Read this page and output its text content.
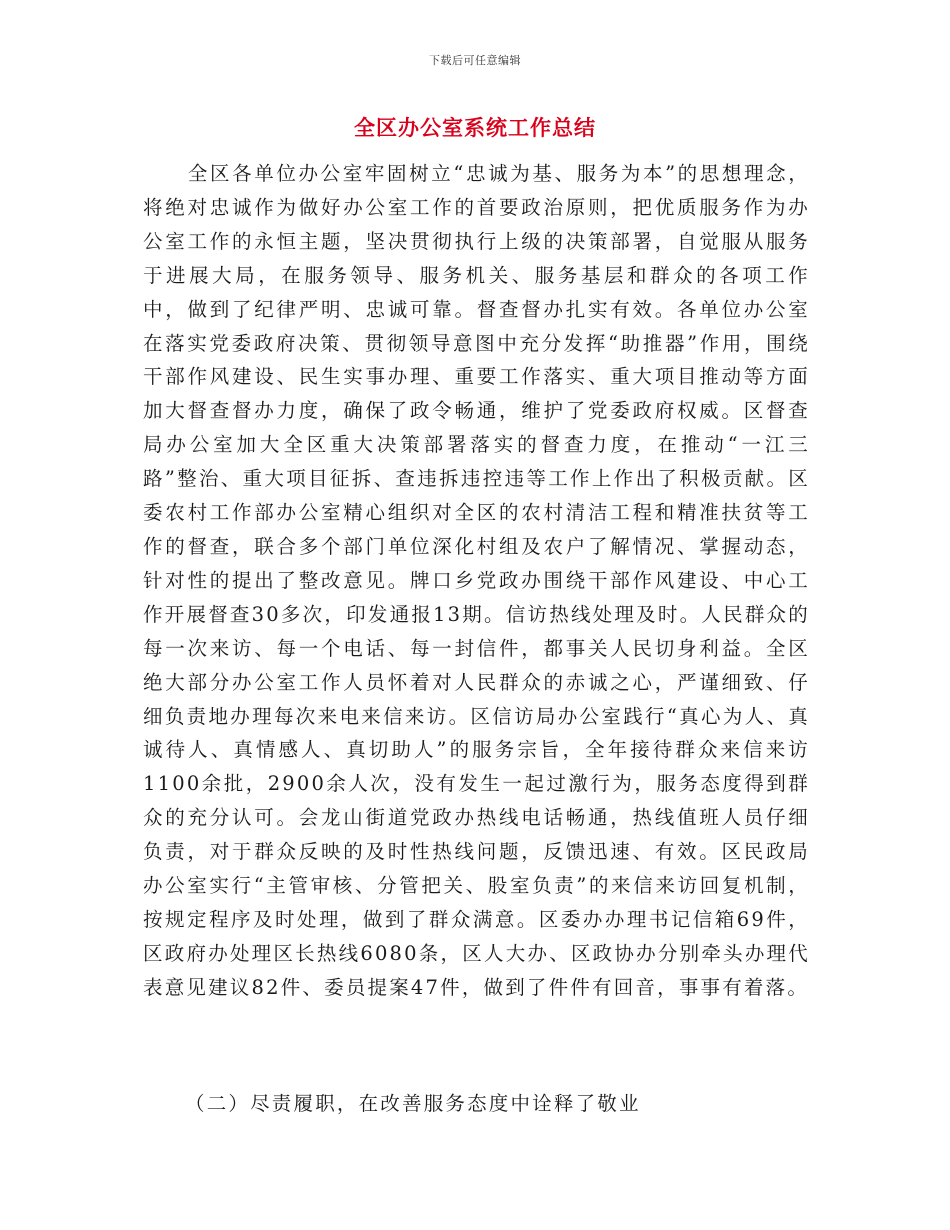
下载后可任意编辑
全区办公室系统工作总结

全区各单位办公室牢固树立“忠诚为基、服务为本”的思想理念，将绝对忠诚作为做好办公室工作的首要政治原则，把优质服务作为办公室工作的永恒主题，坚决贯彻执行上级的决策部署，自觉服从服务于进展大局，在服务领导、服务机关、服务基层和群众的各项工作中，做到了纪律严明、忠诚可靠。督查督办扎实有效。各单位办公室在落实党委政府决策、贯彻领导意图中充分发挥“助推器”作用，围绕干部作风建设、民生实事办理、重要工作落实、重大项目推动等方面加大督查督办力度，确保了政令畅通，维护了党委政府权威。区督查局办公室加大全区重大决策部署落实的督查力度，在推动“一江三路”整治、重大项目征拆、查违拆违控违等工作上作出了积极贡献。区委农村工作部办公室精心组织对全区的农村清洁工程和精准扶贫等工作的督查，联合多个部门单位深化村组及农户了解情况、掌握动态，针对性的提出了整改意见。牌口乡党政办围绕干部作风建设、中心工作开展督查30多次，印发通报13期。信访热线处理及时。人民群众的每一次来访、每一个电话、每一封信件，都事关人民切身利益。全区绝大部分办公室工作人员怀着对人民群众的赤诚之心，严谨细致、仔细负责地办理每次来电来信来访。区信访局办公室践行“真心为人、真诚待人、真情感人、真切助人”的服务宗旨，全年接待群众来信来访1100余批，2900余人次，没有发生一起过激行为，服务态度得到群众的充分认可。会龙山街道党政办热线电话畅通，热线值班人员仔细负责，对于群众反映的及时性热线问题，反馈迅速、有效。区民政局办公室实行“主管审核、分管把关、股室负责”的来信来访回复机制，按规定程序及时处理，做到了群众满意。区委办办理书记信箱69件，区政府办处理区长热线6080条，区人大办、区政协办分别牵头办理代表意见建议82件、委员提案47件，做到了件件有回音，事事有着落。

（二）尽责履职，在改善服务态度中诠释了敬业
